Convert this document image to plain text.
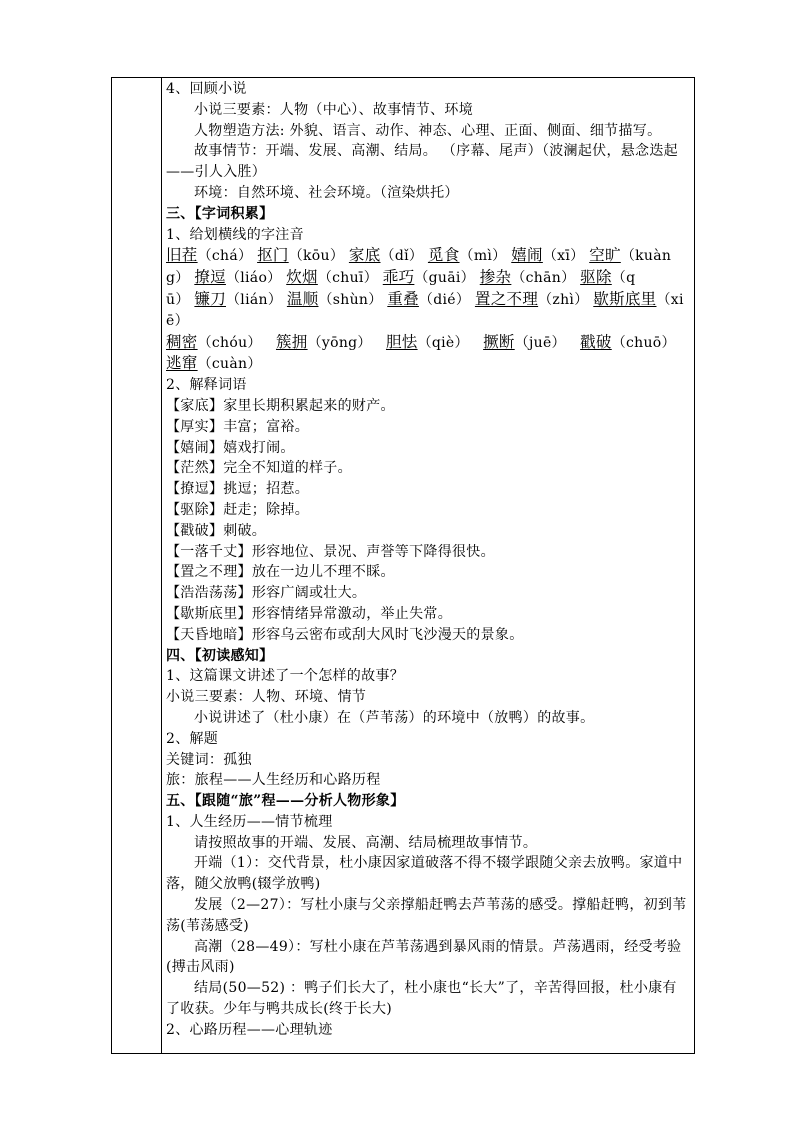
4、回顾小说

小说三要素：人物（中心）、故事情节、环境

人物塑造方法: 外貌、语言、动作、神态、心理、正面、侧面、细节描写。

故事情节：开端、发展、高潮、结局。 （序幕、尾声）（波澜起伏，悬念迭起——引人入胜）

环境：自然环境、社会环境。（渲染烘托）

三、【字词积累】

1、给划横线的字注音

旧茬（chá） 抠门（kōu） 家底（dǐ） 觅食（mì） 嬉闹（xī） 空旷（kuàn

g） 撩逗（liáo） 炊烟（chuī） 乖巧（guāi） 掺杂（chān） 驱除（q

ū） 镰刀（lián） 温顺（shùn） 重叠（dié） 置之不理（zhì） 歇斯底里（xi

ē）

稠密（chóu） 簇拥（yōng） 胆怯（qiè） 撅断（juē） 戳破（chuō）

逃窜（cuàn）

2、解释词语

【家底】家里长期积累起来的财产。

【厚实】丰富；富裕。

【嬉闹】嬉戏打闹。

【茫然】完全不知道的样子。

【撩逗】挑逗；招惹。

【驱除】赶走；除掉。

【戳破】刺破。

【一落千丈】形容地位、景况、声誉等下降得很快。

【置之不理】放在一边儿不理不睬。

【浩浩荡荡】形容广阔或壮大。

【歇斯底里】形容情绪异常激动，举止失常。

【天昏地暗】形容乌云密布或刮大风时飞沙漫天的景象。

四、【初读感知】

1、这篇课文讲述了一个怎样的故事？

小说三要素：人物、环境、情节

小说讲述了（杜小康）在（芦苇荡）的环境中（放鸭）的故事。

2、解题

关键词：孤独

旅：旅程——人生经历和心路历程

五、【跟随“旅”程——分析人物形象】

1、人生经历——情节梳理

请按照故事的开端、发展、高潮、结局梳理故事情节。

开端（1）：交代背景，杜小康因家道破落不得不辍学跟随父亲去放鸭。家道中落，随父放鸭(辍学放鸭)

发展（2—27）：写杜小康与父亲撑船赶鸭去芦苇荡的感受。撑船赶鸭，初到苇荡(苇荡感受)

高潮（28—49）：写杜小康在芦苇荡遇到暴风雨的情景。芦荡遇雨，经受考验(搏击风雨)

结局(50—52) ：鸭子们长大了，杜小康也“长大”了，辛苦得回报，杜小康有了收获。少年与鸭共成长(终于长大)

2、心路历程——心理轨迹
